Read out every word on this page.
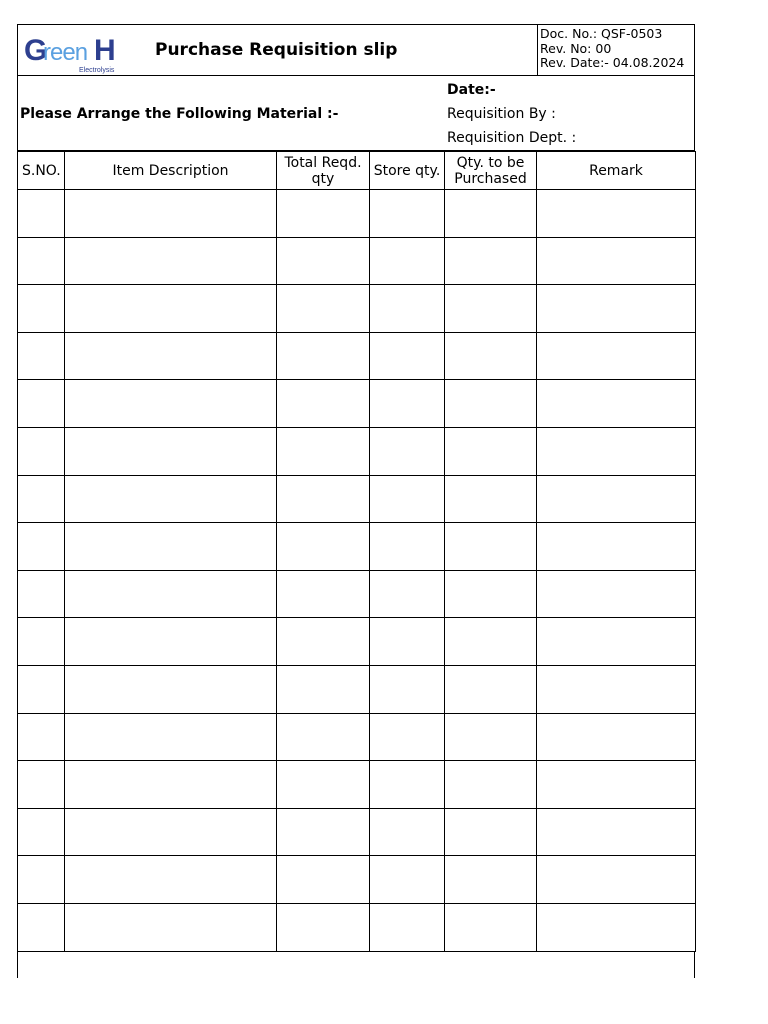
G
reen H
Electrolysis
Purchase Requisition slip
Doc. No.: QSF-0503
Rev. No: 00
Rev. Date:- 04.08.2024
Please Arrange the Following Material :-
Date:-
Requisition By :
Requisition Dept. :
S.NO.	Item Description	Total Reqd. qty	Store qty.	Qty. to be Purchased	Remark
